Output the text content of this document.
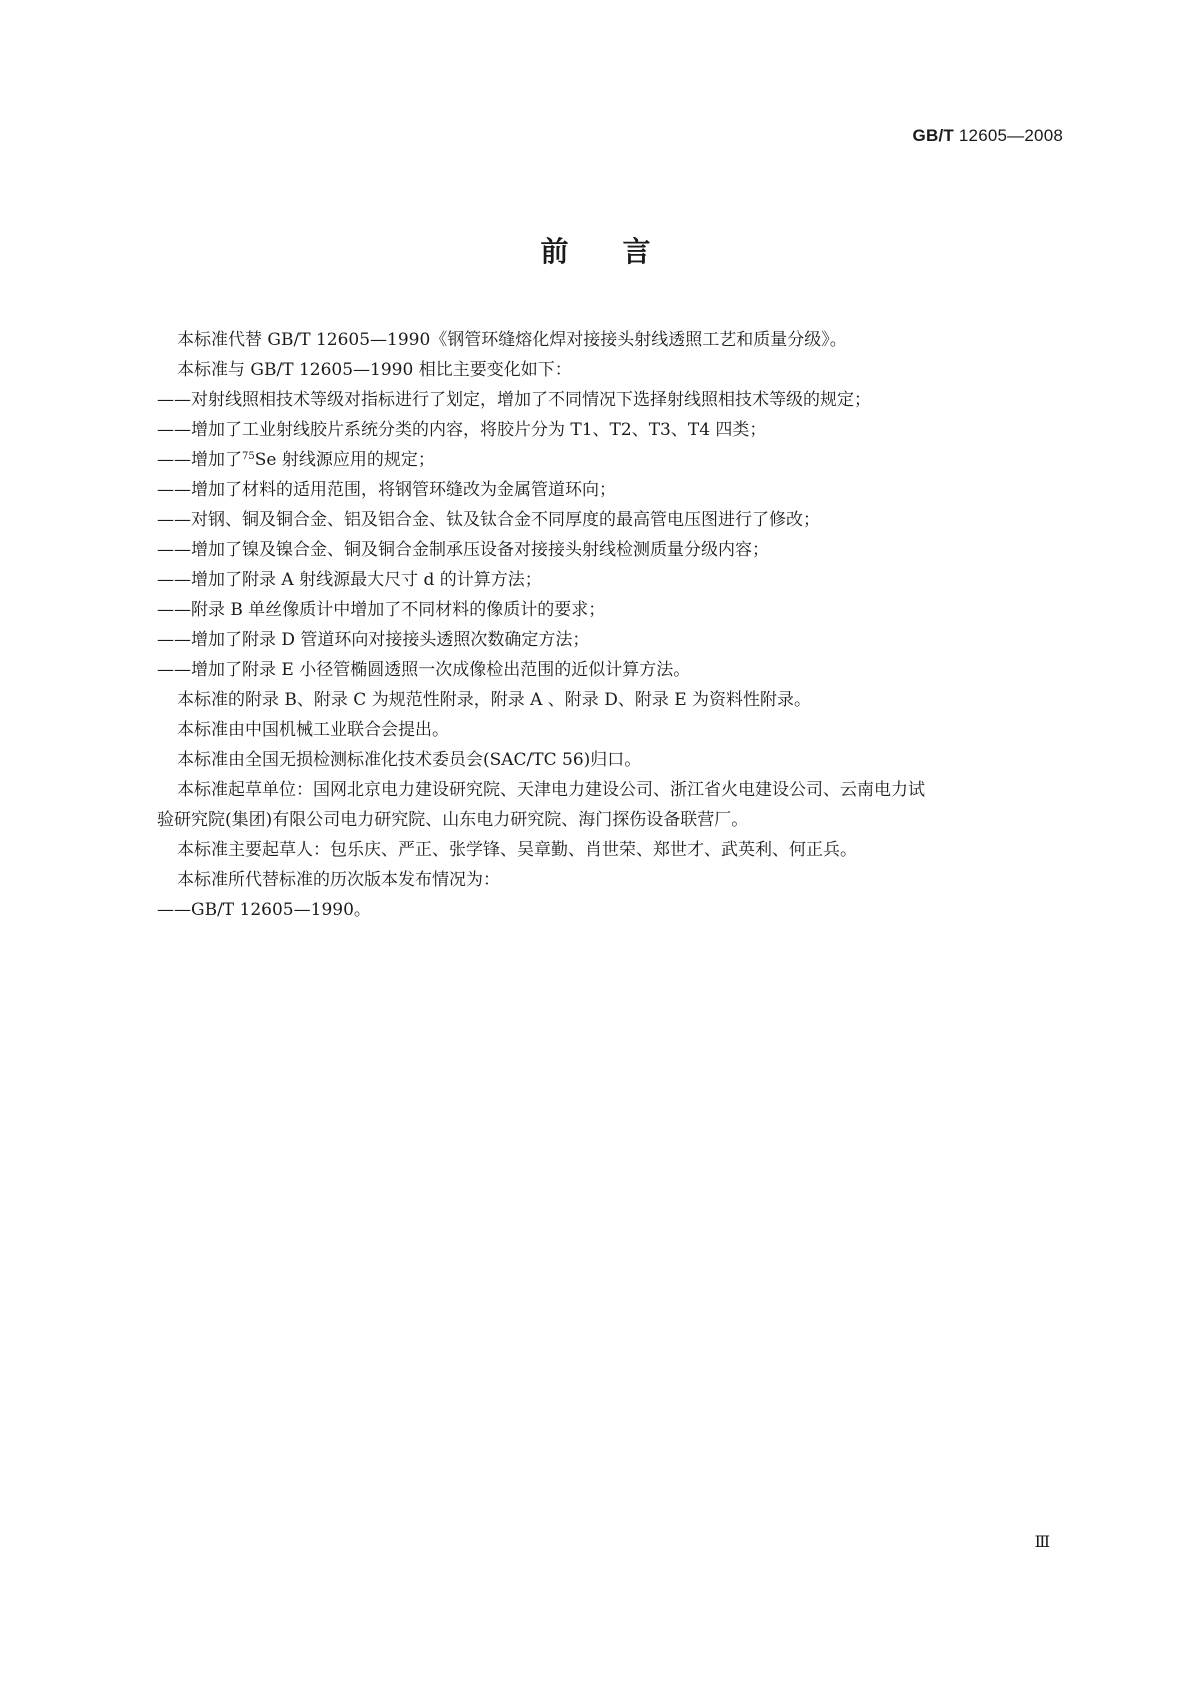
GB/T 12605—2008
前言

本标准代替 GB/T 12605—1990《钢管环缝熔化焊对接接头射线透照工艺和质量分级》。

本标准与 GB/T 12605—1990 相比主要变化如下：

——对射线照相技术等级对指标进行了划定，增加了不同情况下选择射线照相技术等级的规定；

——增加了工业射线胶片系统分类的内容，将胶片分为 T1、T2、T3、T4 四类；

——增加了$^{75}$Se 射线源应用的规定；

——增加了材料的适用范围，将钢管环缝改为金属管道环向；

——对钢、铜及铜合金、铝及铝合金、钛及钛合金不同厚度的最高管电压图进行了修改；

——增加了镍及镍合金、铜及铜合金制承压设备对接接头射线检测质量分级内容；

——增加了附录 A 射线源最大尺寸 d 的计算方法；

——附录 B 单丝像质计中增加了不同材料的像质计的要求；

——增加了附录 D 管道环向对接接头透照次数确定方法；

——增加了附录 E 小径管椭圆透照一次成像检出范围的近似计算方法。

本标准的附录 B、附录 C 为规范性附录，附录 A 、附录 D、附录 E 为资料性附录。

本标准由中国机械工业联合会提出。

本标准由全国无损检测标准化技术委员会(SAC/TC 56)归口。

本标准起草单位：国网北京电力建设研究院、天津电力建设公司、浙江省火电建设公司、云南电力试

验研究院(集团)有限公司电力研究院、山东电力研究院、海门探伤设备联营厂。

本标准主要起草人：包乐庆、严正、张学锋、吴章勤、肖世荣、郑世才、武英利、何正兵。

本标准所代替标准的历次版本发布情况为：

——GB/T 12605—1990。

Ⅲ
